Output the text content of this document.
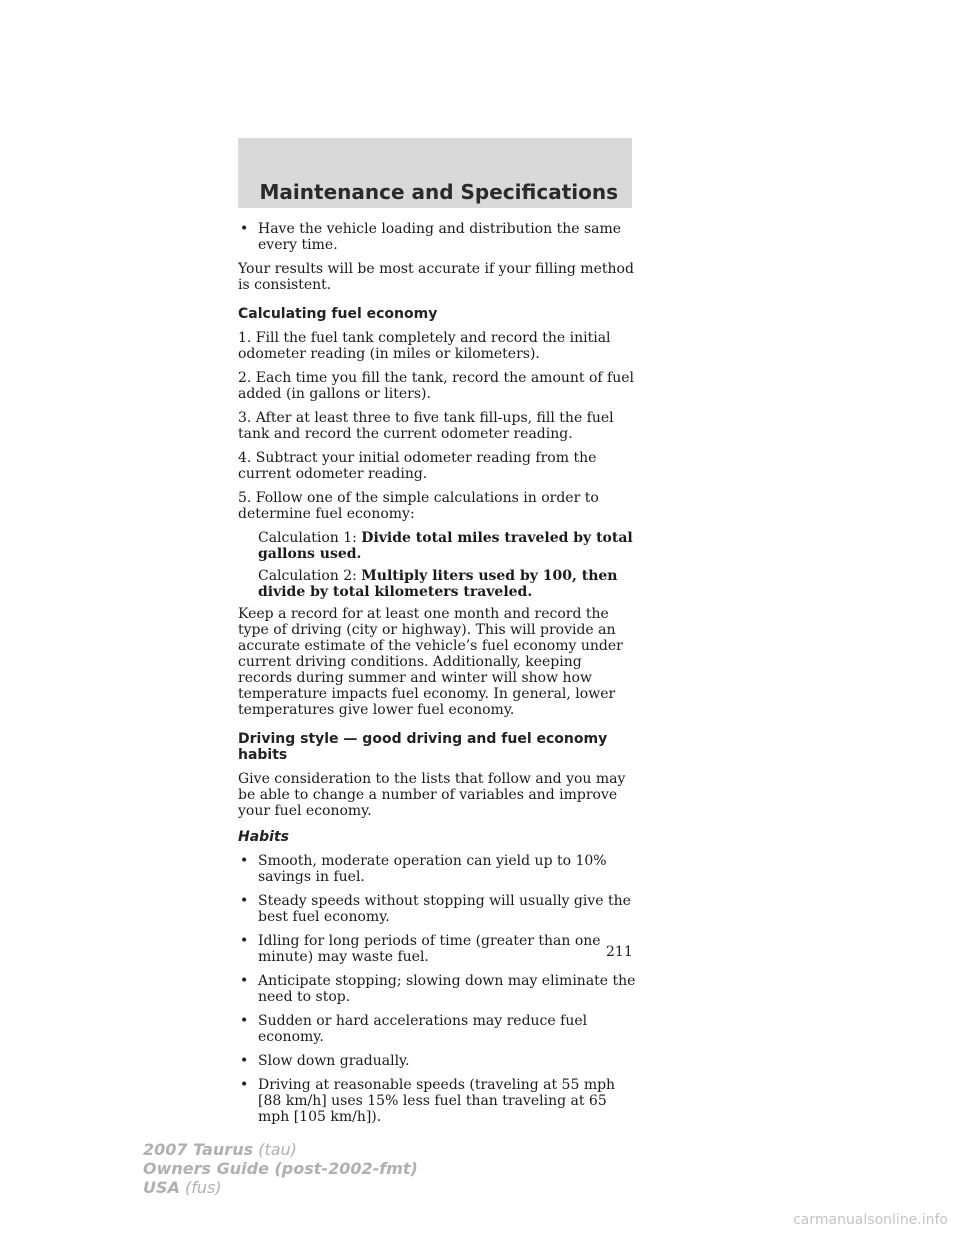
Maintenance and Specifications
• Have the vehicle loading and distribution the same every time.

Your results will be most accurate if your filling method is consistent.

Calculating fuel economy

1. Fill the fuel tank completely and record the initial odometer reading (in miles or kilometers).

2. Each time you fill the tank, record the amount of fuel added (in gallons or liters).

3. After at least three to five tank fill-ups, fill the fuel tank and record the current odometer reading.

4. Subtract your initial odometer reading from the current odometer reading.

5. Follow one of the simple calculations in order to determine fuel economy:

Calculation 1: Divide total miles traveled by total gallons used.

Calculation 2: Multiply liters used by 100, then divide by total kilometers traveled.

Keep a record for at least one month and record the type of driving (city or highway). This will provide an accurate estimate of the vehicle’s fuel economy under current driving conditions. Additionally, keeping records during summer and winter will show how temperature impacts fuel economy. In general, lower temperatures give lower fuel economy.

Driving style — good driving and fuel economy habits

Give consideration to the lists that follow and you may be able to change a number of variables and improve your fuel economy.

Habits
• Smooth, moderate operation can yield up to 10% savings in fuel.
• Steady speeds without stopping will usually give the best fuel economy.
• Idling for long periods of time (greater than one minute) may waste fuel.
• Anticipate stopping; slowing down may eliminate the need to stop.
• Sudden or hard accelerations may reduce fuel economy.
• Slow down gradually.
• Driving at reasonable speeds (traveling at 55 mph [88 km/h] uses 15% less fuel than traveling at 65 mph [105 km/h]).
211
2007 Taurus (tau)
Owners Guide (post-2002-fmt)
USA (fus)
carmanualsonline.info
